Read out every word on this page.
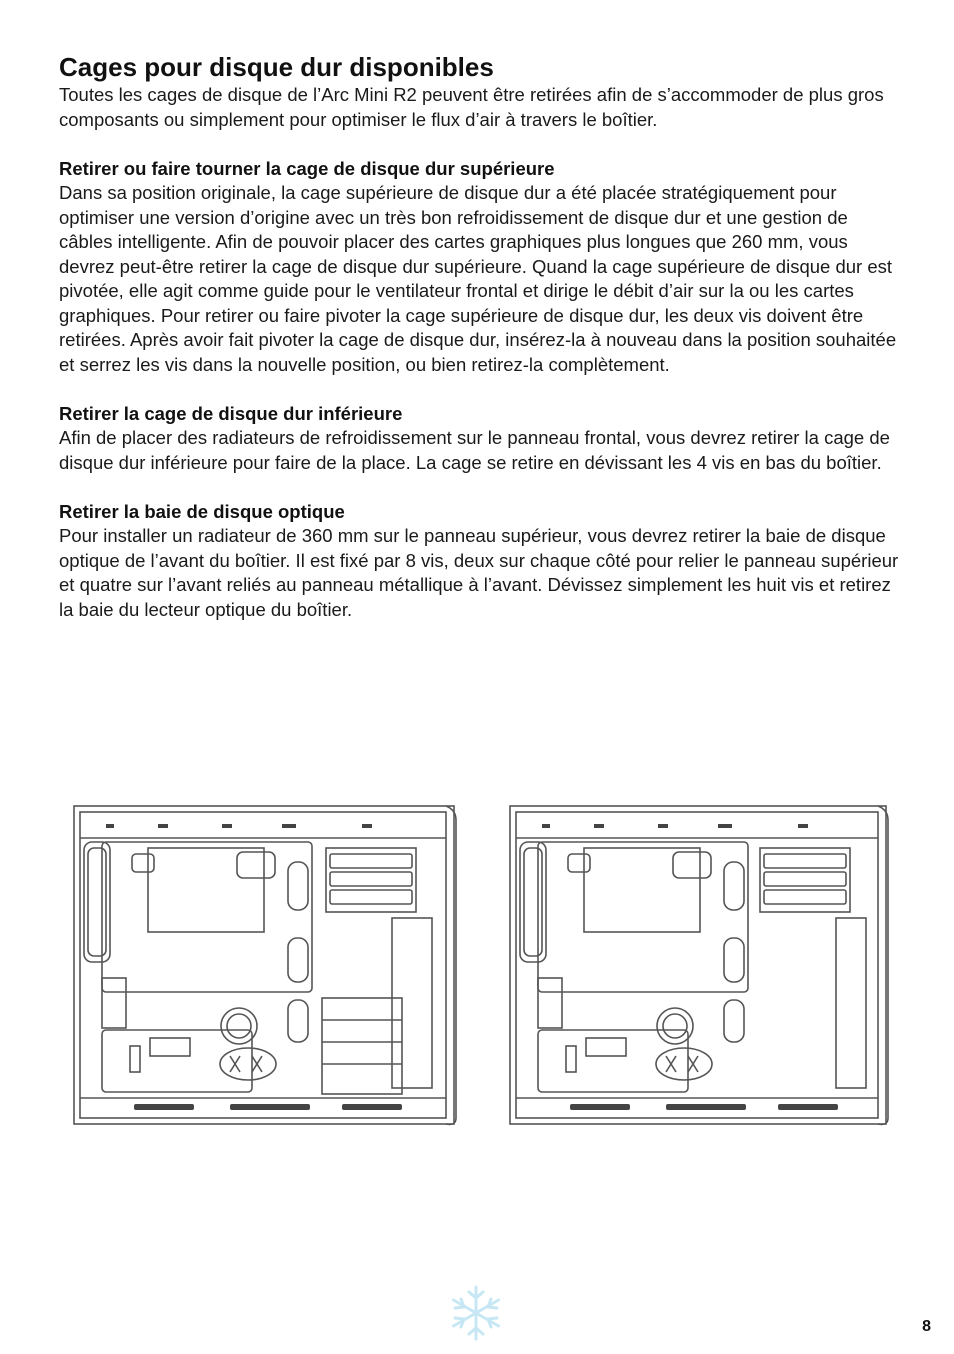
Cages pour disque dur disponibles

Toutes les cages de disque de l’Arc Mini R2 peuvent être retirées afin de s’accommoder de plus gros composants ou simplement pour optimiser le flux d’air à travers le boîtier.

Retirer ou faire tourner la cage de disque dur supérieure

Dans sa position originale, la cage supérieure de disque dur a été placée stratégiquement pour optimiser une version d’origine avec un très bon refroidissement de disque dur et une gestion de câbles intelligente. Afin de pouvoir placer des cartes graphiques plus longues que 260 mm, vous devrez peut-être retirer la cage de disque dur supérieure. Quand la cage supérieure de disque dur est pivotée, elle agit comme guide pour le ventilateur frontal et dirige le débit d’air sur la ou les cartes graphiques. Pour retirer ou faire pivoter la cage supérieure de disque dur, les deux vis doivent être retirées. Après avoir fait pivoter la cage de disque dur, insérez-la à nouveau dans la position souhaitée et serrez les vis dans la nouvelle position, ou bien retirez-la complètement.

Retirer la cage de disque dur inférieure

Afin de placer des radiateurs de refroidissement sur le panneau frontal, vous devrez retirer la cage de disque dur inférieure pour faire de la place. La cage se retire en dévissant les 4 vis en bas du boîtier.

Retirer la baie de disque optique

Pour installer un radiateur de 360 mm sur le panneau supérieur, vous devrez retirer la baie de disque optique de l’avant du boîtier. Il est fixé par 8 vis, deux sur chaque côté pour relier le panneau supérieur et quatre sur l’avant reliés au panneau métallique à l’avant. Dévissez simplement les huit vis et retirez la baie du lecteur optique du boîtier.

8
